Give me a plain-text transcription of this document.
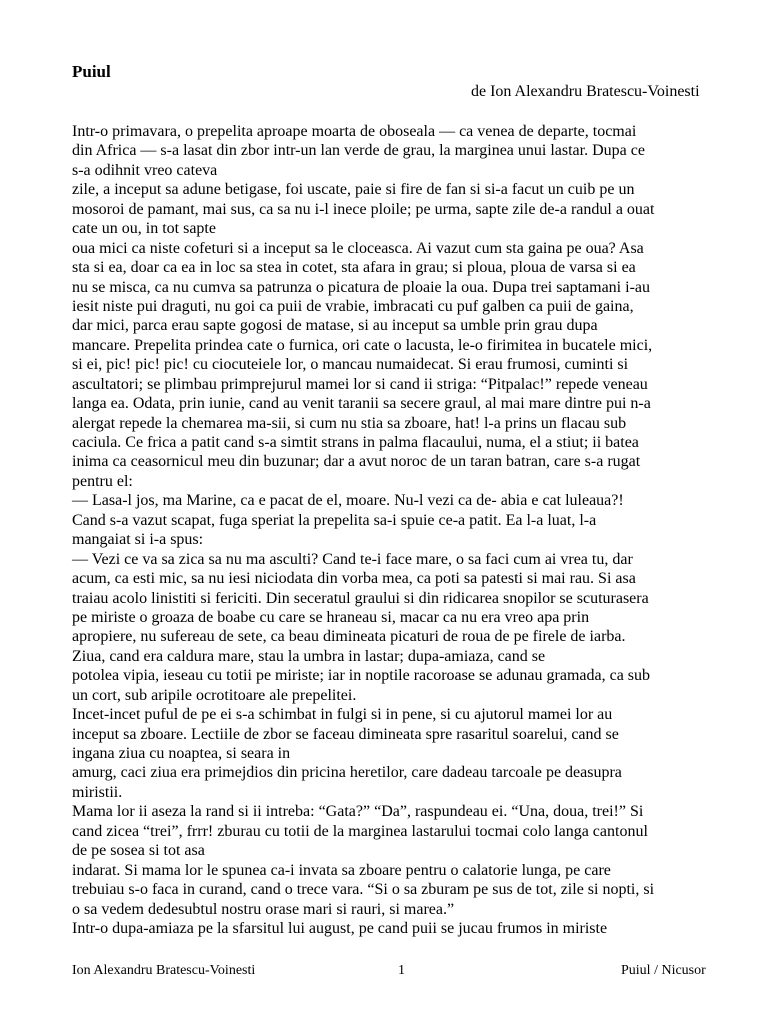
Puiul
de Ion Alexandru Bratescu-Voinesti
Intr-o primavara, o prepelita aproape moarta de oboseala — ca venea de departe, tocmai
din Africa — s-a lasat din zbor intr-un lan verde de grau, la marginea unui lastar. Dupa ce
s-a odihnit vreo cateva
zile, a inceput sa adune betigase, foi uscate, paie si fire de fan si si-a facut un cuib pe un
mosoroi de pamant, mai sus, ca sa nu i-l inece ploile; pe urma, sapte zile de-a randul a ouat
cate un ou, in tot sapte
oua mici ca niste cofeturi si a inceput sa le cloceasca. Ai vazut cum sta gaina pe oua? Asa
sta si ea, doar ca ea in loc sa stea in cotet, sta afara in grau; si ploua, ploua de varsa si ea
nu se misca, ca nu cumva sa patrunza o picatura de ploaie la oua. Dupa trei saptamani i-au
iesit niste pui draguti, nu goi ca puii de vrabie, imbracati cu puf galben ca puii de gaina,
dar mici, parca erau sapte gogosi de matase, si au inceput sa umble prin grau dupa
mancare. Prepelita prindea cate o furnica, ori cate o lacusta, le-o firimitea in bucatele mici,
si ei, pic! pic! pic! cu ciocuteiele lor, o mancau numaidecat. Si erau frumosi, cuminti si
ascultatori; se plimbau primprejurul mamei lor si cand ii striga: “Pitpalac!” repede veneau
langa ea. Odata, prin iunie, cand au venit taranii sa secere graul, al mai mare dintre pui n-a
alergat repede la chemarea ma-sii, si cum nu stia sa zboare, hat! l-a prins un flacau sub
caciula. Ce frica a patit cand s-a simtit strans in palma flacaului, numa, el a stiut; ii batea
inima ca ceasornicul meu din buzunar; dar a avut noroc de un taran batran, care s-a rugat
pentru el:
— Lasa-l jos, ma Marine, ca e pacat de el, moare. Nu-l vezi ca de- abia e cat luleaua?!
Cand s-a vazut scapat, fuga speriat la prepelita sa-i spuie ce-a patit. Ea l-a luat, l-a
mangaiat si i-a spus:
— Vezi ce va sa zica sa nu ma asculti? Cand te-i face mare, o sa faci cum ai vrea tu, dar
acum, ca esti mic, sa nu iesi niciodata din vorba mea, ca poti sa patesti si mai rau. Si asa
traiau acolo linistiti si fericiti. Din seceratul graului si din ridicarea snopilor se scuturasera
pe miriste o groaza de boabe cu care se hraneau si, macar ca nu era vreo apa prin
apropiere, nu sufereau de sete, ca beau dimineata picaturi de roua de pe firele de iarba.
Ziua, cand era caldura mare, stau la umbra in lastar; dupa-amiaza, cand se
potolea vipia, ieseau cu totii pe miriste; iar in noptile racoroase se adunau gramada, ca sub
un cort, sub aripile ocrotitoare ale prepelitei.
Incet-incet puful de pe ei s-a schimbat in fulgi si in pene, si cu ajutorul mamei lor au
inceput sa zboare. Lectiile de zbor se faceau dimineata spre rasaritul soarelui, cand se
ingana ziua cu noaptea, si seara in
amurg, caci ziua era primejdios din pricina heretilor, care dadeau tarcoale pe deasupra
miristii.
Mama lor ii aseza la rand si ii intreba: “Gata?” “Da”, raspundeau ei. “Una, doua, trei!” Si
cand zicea “trei”, frrr! zburau cu totii de la marginea lastarului tocmai colo langa cantonul
de pe sosea si tot asa
indarat. Si mama lor le spunea ca-i invata sa zboare pentru o calatorie lunga, pe care
trebuiau s-o faca in curand, cand o trece vara. “Si o sa zburam pe sus de tot, zile si nopti, si
o sa vedem dedesubtul nostru orase mari si rauri, si marea.”
Intr-o dupa-amiaza pe la sfarsitul lui august, pe cand puii se jucau frumos in miriste
Ion Alexandru Bratescu-Voinesti	1	Puiul / Nicusor
